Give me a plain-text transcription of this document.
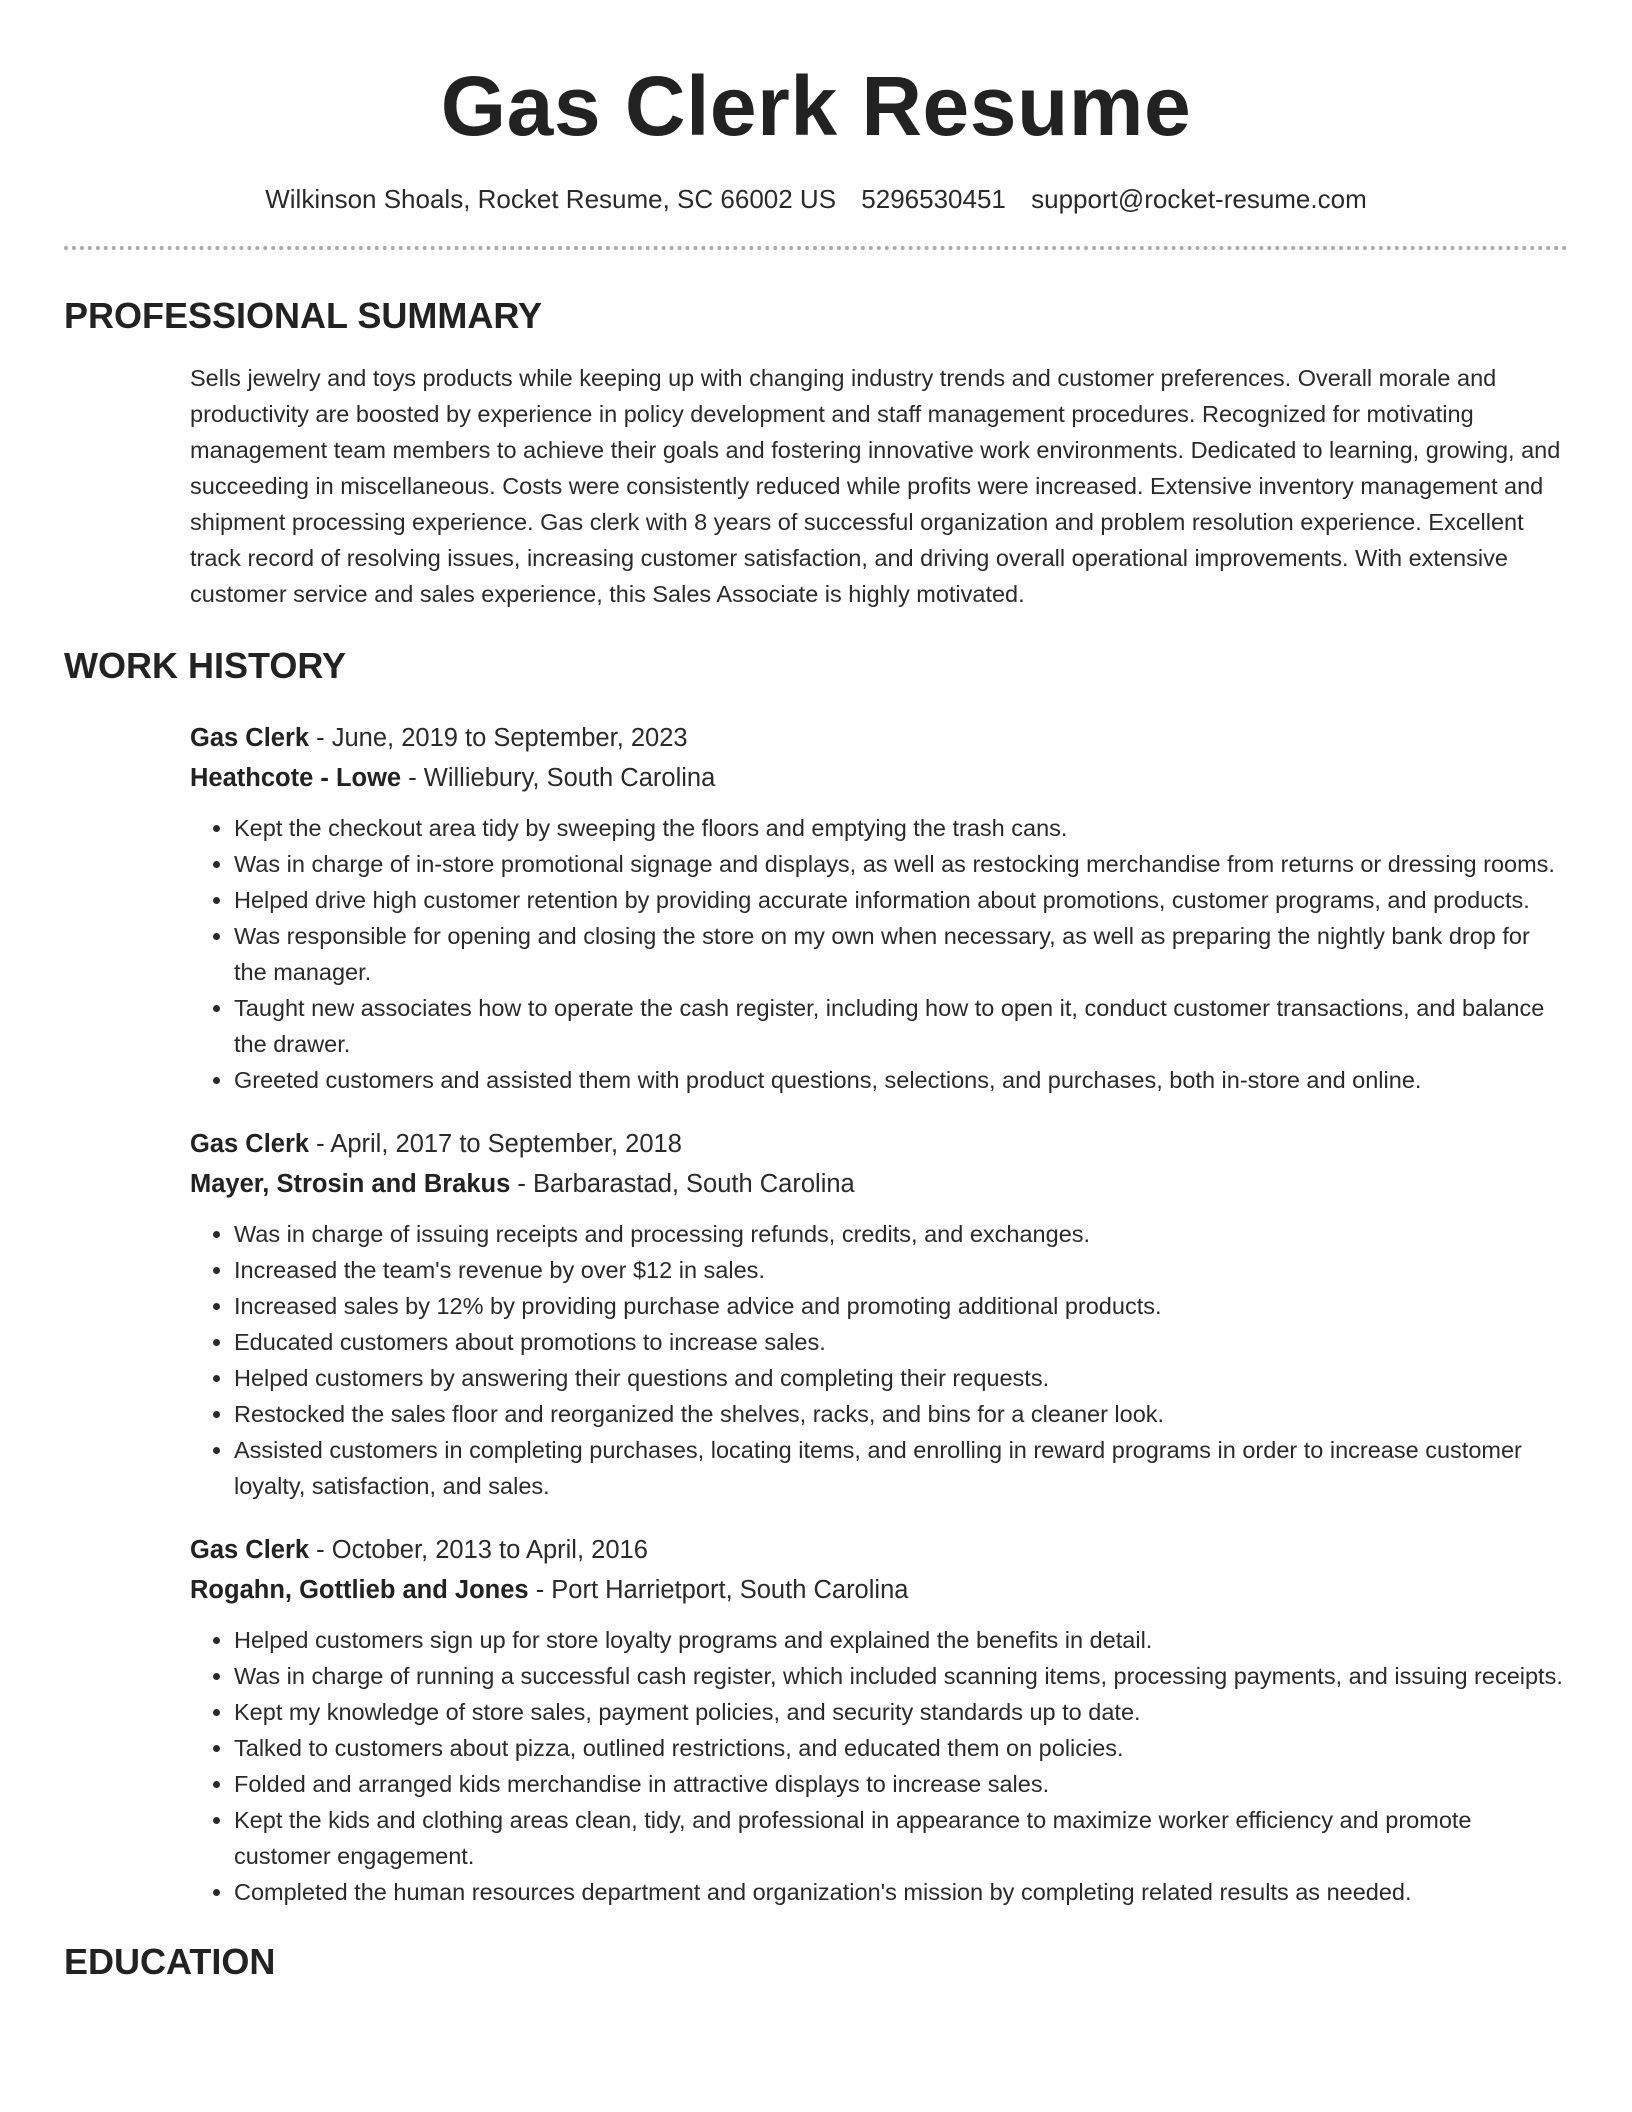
Gas Clerk Resume
Wilkinson Shoals, Rocket Resume, SC 66002 US 5296530451 support@rocket-resume.com
PROFESSIONAL SUMMARY

Sells jewelry and toys products while keeping up with changing industry trends and customer preferences. Overall morale and productivity are boosted by experience in policy development and staff management procedures. Recognized for motivating management team members to achieve their goals and fostering innovative work environments. Dedicated to learning, growing, and succeeding in miscellaneous. Costs were consistently reduced while profits were increased. Extensive inventory management and shipment processing experience. Gas clerk with 8 years of successful organization and problem resolution experience. Excellent track record of resolving issues, increasing customer satisfaction, and driving overall operational improvements. With extensive customer service and sales experience, this Sales Associate is highly motivated.

WORK HISTORY
Gas Clerk - June, 2019 to September, 2023
Heathcote - Lowe - Williebury, South Carolina
• Kept the checkout area tidy by sweeping the floors and emptying the trash cans.
• Was in charge of in-store promotional signage and displays, as well as restocking merchandise from returns or dressing rooms.
• Helped drive high customer retention by providing accurate information about promotions, customer programs, and products.
• Was responsible for opening and closing the store on my own when necessary, as well as preparing the nightly bank drop for the manager.
• Taught new associates how to operate the cash register, including how to open it, conduct customer transactions, and balance the drawer.
• Greeted customers and assisted them with product questions, selections, and purchases, both in-store and online.
Gas Clerk - April, 2017 to September, 2018
Mayer, Strosin and Brakus - Barbarastad, South Carolina
• Was in charge of issuing receipts and processing refunds, credits, and exchanges.
• Increased the team's revenue by over $12 in sales.
• Increased sales by 12% by providing purchase advice and promoting additional products.
• Educated customers about promotions to increase sales.
• Helped customers by answering their questions and completing their requests.
• Restocked the sales floor and reorganized the shelves, racks, and bins for a cleaner look.
• Assisted customers in completing purchases, locating items, and enrolling in reward programs in order to increase customer loyalty, satisfaction, and sales.
Gas Clerk - October, 2013 to April, 2016
Rogahn, Gottlieb and Jones - Port Harrietport, South Carolina
• Helped customers sign up for store loyalty programs and explained the benefits in detail.
• Was in charge of running a successful cash register, which included scanning items, processing payments, and issuing receipts.
• Kept my knowledge of store sales, payment policies, and security standards up to date.
• Talked to customers about pizza, outlined restrictions, and educated them on policies.
• Folded and arranged kids merchandise in attractive displays to increase sales.
• Kept the kids and clothing areas clean, tidy, and professional in appearance to maximize worker efficiency and promote customer engagement.
• Completed the human resources department and organization's mission by completing related results as needed.
EDUCATION
